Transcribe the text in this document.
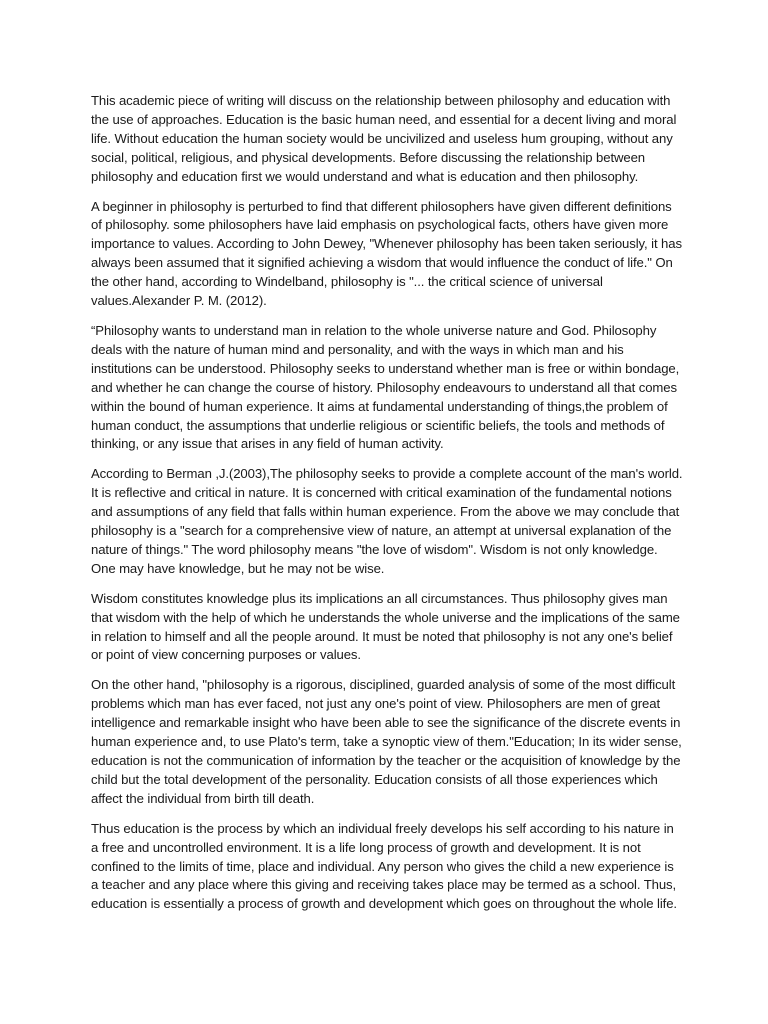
This academic piece of writing will discuss on the relationship between philosophy and education with the use of approaches. Education is the basic human need, and essential for a decent living and moral life. Without education the human society would be uncivilized and useless hum grouping, without any social, political, religious, and physical developments. Before discussing the relationship between philosophy and education first we would understand and what is education and then philosophy.

A beginner in philosophy is perturbed to find that different philosophers have given different definitions of philosophy. some philosophers have laid emphasis on psychological facts, others have given more importance to values. According to John Dewey, "Whenever philosophy has been taken seriously, it has always been assumed that it signified achieving a wisdom that would influence the conduct of life." On the other hand, according to Windelband, philosophy is "... the critical science of universal values.Alexander P. M. (2012).

“Philosophy wants to understand man in relation to the whole universe nature and God. Philosophy deals with the nature of human mind and personality, and with the ways in which man and his institutions can be understood. Philosophy seeks to understand whether man is free or within bondage, and whether he can change the course of history. Philosophy endeavours to understand all that comes within the bound of human experience. It aims at fundamental understanding of things,the problem of human conduct, the assumptions that underlie religious or scientific beliefs, the tools and methods of thinking, or any issue that arises in any field of human activity.

According to Berman ,J.(2003),The philosophy seeks to provide a complete account of the man's world. It is reflective and critical in nature. It is concerned with critical examination of the fundamental notions and assumptions of any field that falls within human experience. From the above we may conclude that philosophy is a "search for a comprehensive view of nature, an attempt at universal explanation of the nature of things." The word philosophy means "the love of wisdom". Wisdom is not only knowledge. One may have knowledge, but he may not be wise.

Wisdom constitutes knowledge plus its implications an all circumstances. Thus philosophy gives man that wisdom with the help of which he understands the whole universe and the implications of the same in relation to himself and all the people around. It must be noted that philosophy is not any one's belief or point of view concerning purposes or values.

On the other hand, "philosophy is a rigorous, disciplined, guarded analysis of some of the most difficult problems which man has ever faced, not just any one's point of view. Philosophers are men of great intelligence and remarkable insight who have been able to see the significance of the discrete events in human experience and, to use Plato's term, take a synoptic view of them."Education; In its wider sense, education is not the communication of information by the teacher or the acquisition of knowledge by the child but the total development of the personality. Education consists of all those experiences which affect the individual from birth till death.

Thus education is the process by which an individual freely develops his self according to his nature in a free and uncontrolled environment. It is a life long process of growth and development. It is not confined to the limits of time, place and individual. Any person who gives the child a new experience is a teacher and any place where this giving and receiving takes place may be termed as a school. Thus, education is essentially a process of growth and development which goes on throughout the whole life.
